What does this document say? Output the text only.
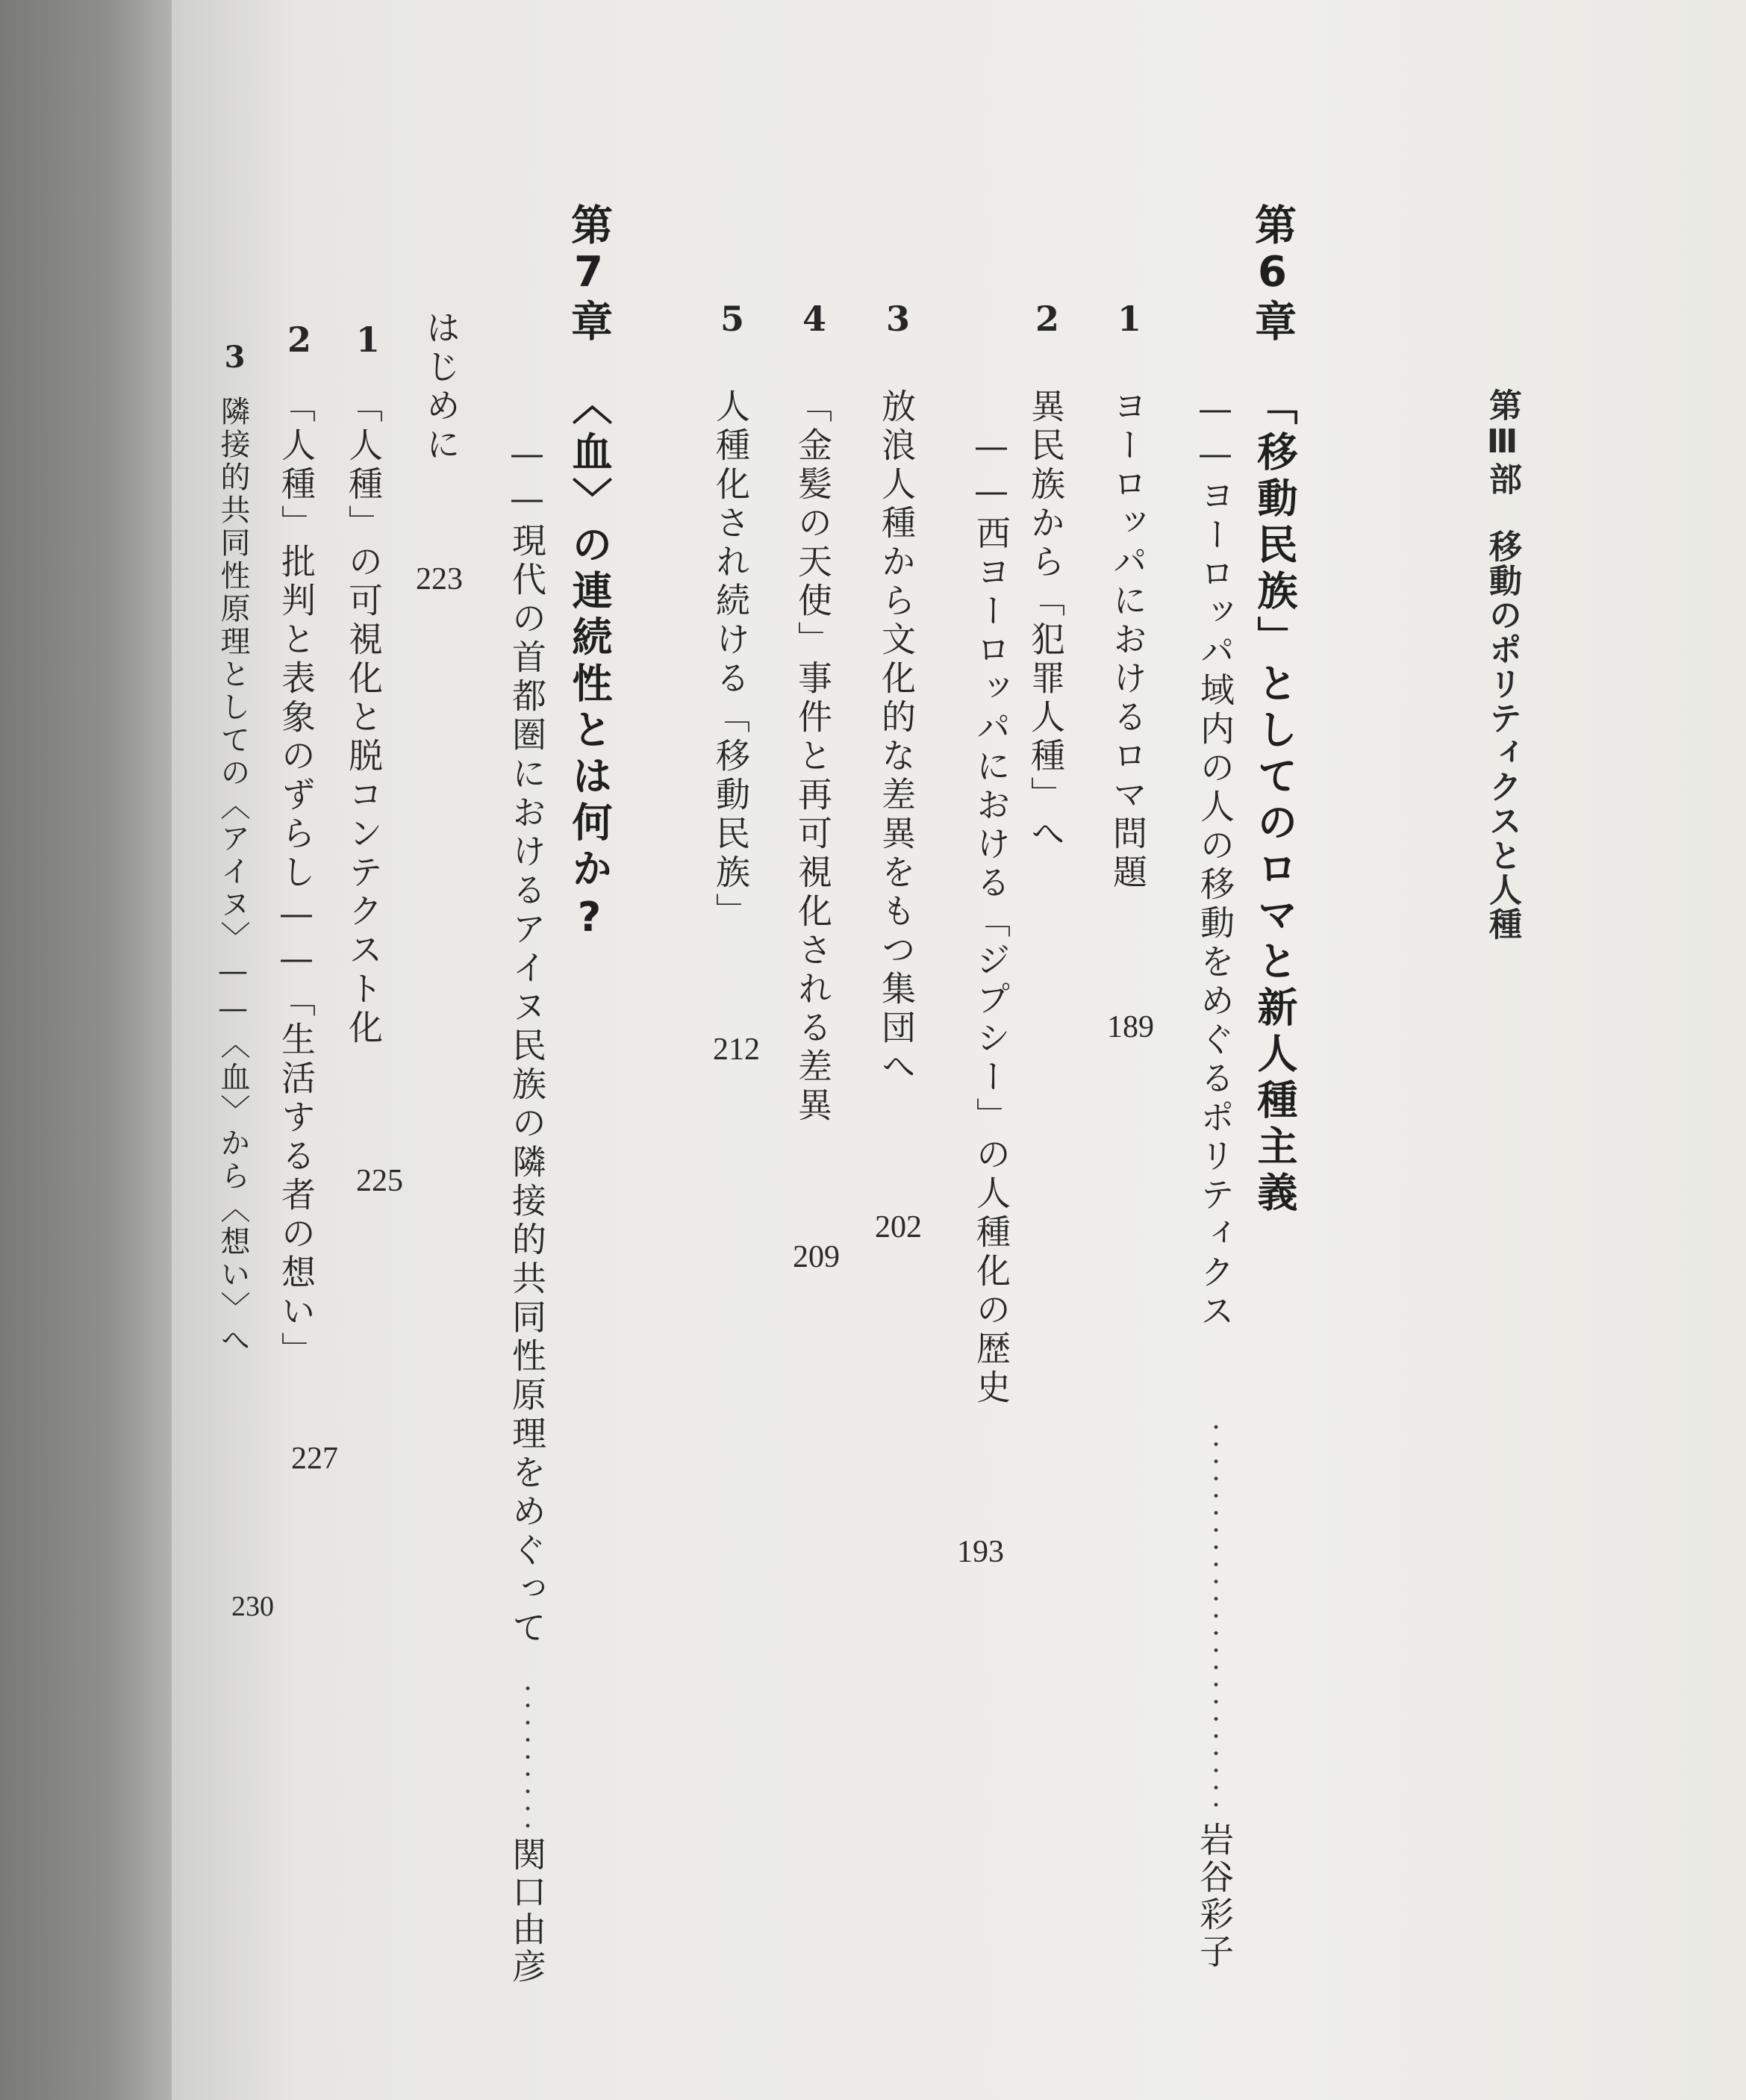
第Ⅲ部移動のポリティクスと人種
第6章
「移動民族」としてのロマと新人種主義
——ヨーロッパ域内の人の移動をめぐるポリティクス
岩谷彩子
1
ヨーロッパにおけるロマ問題
189
2
異民族から「犯罪人種」へ
——西ヨーロッパにおける「ジプシー」の人種化の歴史
193
3
放浪人種から文化的な差異をもつ集団へ
202
4
「金髪の天使」事件と再可視化される差異
209
5
人種化され続ける「移動民族」
212
第7章
〈血〉の連続性とは何か?
——現代の首都圏におけるアイヌ民族の隣接的共同性原理をめぐって
関口由彦
はじめに
223
1
「人種」の可視化と脱コンテクスト化
225
2
「人種」批判と表象のずらし——「生活する者の想い」
227
3
隣接的共同性原理としての〈アイヌ〉——〈血〉から〈想い〉へ
230
